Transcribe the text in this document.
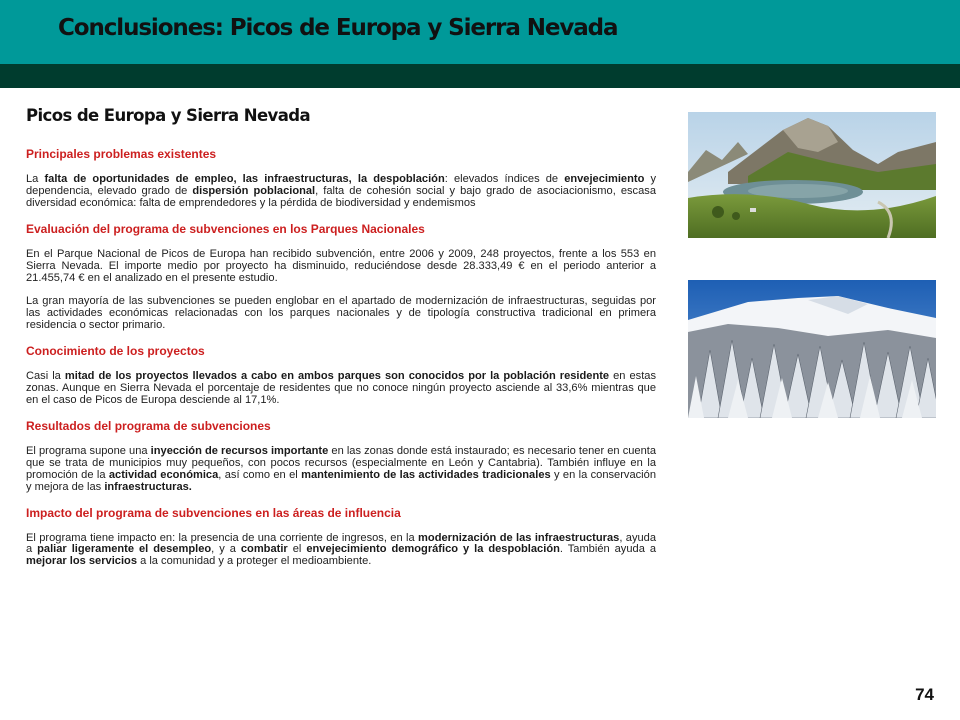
Conclusiones: Picos de Europa y Sierra Nevada
Picos de Europa y Sierra Nevada
Principales problemas existentes
La falta de oportunidades de empleo, las infraestructuras, la despoblación: elevados índices de envejecimiento y dependencia, elevado grado de dispersión poblacional, falta de cohesión social y bajo grado de asociacionismo, escasa diversidad económica: falta de emprendedores y la pérdida de biodiversidad y endemismos
Evaluación del programa de subvenciones en los Parques Nacionales
En el Parque Nacional de Picos de Europa han recibido subvención, entre 2006 y 2009, 248 proyectos, frente a los 553 en Sierra Nevada. El importe medio por proyecto ha disminuido, reduciéndose desde 28.333,49 € en el periodo anterior a 21.455,74 € en el analizado en el presente estudio.
La gran mayoría de las subvenciones se pueden englobar en el apartado de modernización de infraestructuras, seguidas por las actividades económicas relacionadas con los parques nacionales y de tipología constructiva tradicional en primera residencia o sector primario.
Conocimiento de los proyectos
Casi la mitad de los proyectos llevados a cabo en ambos parques son conocidos por la población residente en estas zonas. Aunque en Sierra Nevada el porcentaje de residentes que no conoce ningún proyecto asciende al 33,6% mientras que en el caso de Picos de Europa desciende al 17,1%.
Resultados del programa de subvenciones
El programa supone una inyección de recursos importante en las zonas donde está instaurado; es necesario tener en cuenta que se trata de municipios muy pequeños, con pocos recursos (especialmente en León y Cantabria). También influye en la promoción de la actividad económica, así como en el mantenimiento de las actividades tradicionales y en la conservación y mejora de las infraestructuras.
Impacto del programa de subvenciones en las áreas de influencia
El programa tiene impacto en: la presencia de una corriente de ingresos, en la modernización de las infraestructuras, ayuda a paliar ligeramente el desempleo, y a combatir el envejecimiento demográfico y la despoblación. También ayuda a mejorar los servicios a la comunidad y a proteger el medioambiente.
74
